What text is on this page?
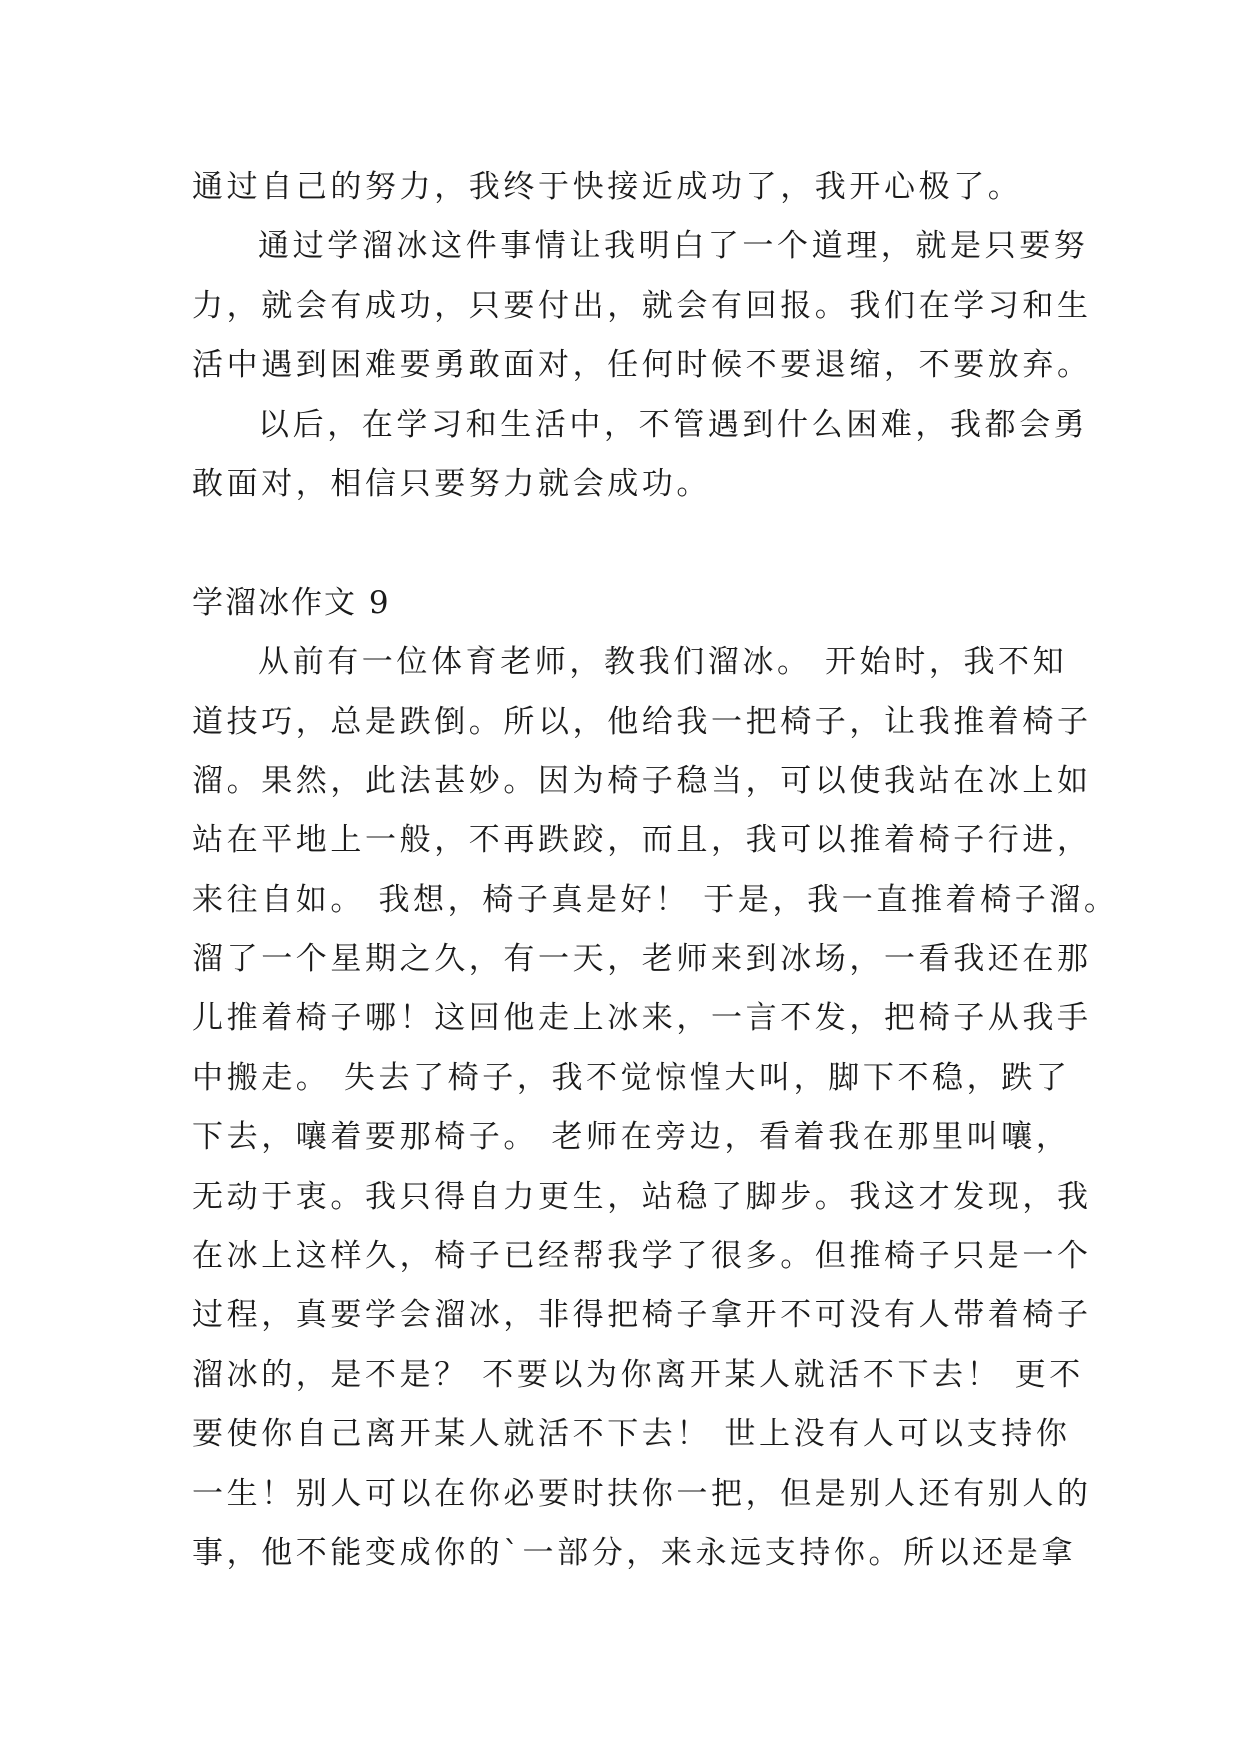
通过自己的努力，我终于快接近成功了，我开心极了。
通过学溜冰这件事情让我明白了一个道理，就是只要努
力，就会有成功，只要付出，就会有回报。我们在学习和生
活中遇到困难要勇敢面对，任何时候不要退缩，不要放弃。
以后，在学习和生活中，不管遇到什么困难，我都会勇
敢面对，相信只要努力就会成功。
学溜冰作文 9
从前有一位体育老师，教我们溜冰。 开始时，我不知
道技巧，总是跌倒。所以，他给我一把椅子，让我推着椅子
溜。果然，此法甚妙。因为椅子稳当，可以使我站在冰上如
站在平地上一般，不再跌跤，而且，我可以推着椅子行进，
来往自如。 我想，椅子真是好！ 于是，我一直推着椅子溜。
溜了一个星期之久，有一天，老师来到冰场，一看我还在那
儿推着椅子哪！这回他走上冰来，一言不发，把椅子从我手
中搬走。 失去了椅子，我不觉惊惶大叫，脚下不稳，跌了
下去，嚷着要那椅子。 老师在旁边，看着我在那里叫嚷，
无动于衷。我只得自力更生，站稳了脚步。我这才发现，我
在冰上这样久，椅子已经帮我学了很多。但推椅子只是一个
过程，真要学会溜冰，非得把椅子拿开不可没有人带着椅子
溜冰的，是不是？ 不要以为你离开某人就活不下去！ 更不
要使你自己离开某人就活不下去！ 世上没有人可以支持你
一生！别人可以在你必要时扶你一把，但是别人还有别人的
事，他不能变成你的`一部分，来永远支持你。所以还是拿
